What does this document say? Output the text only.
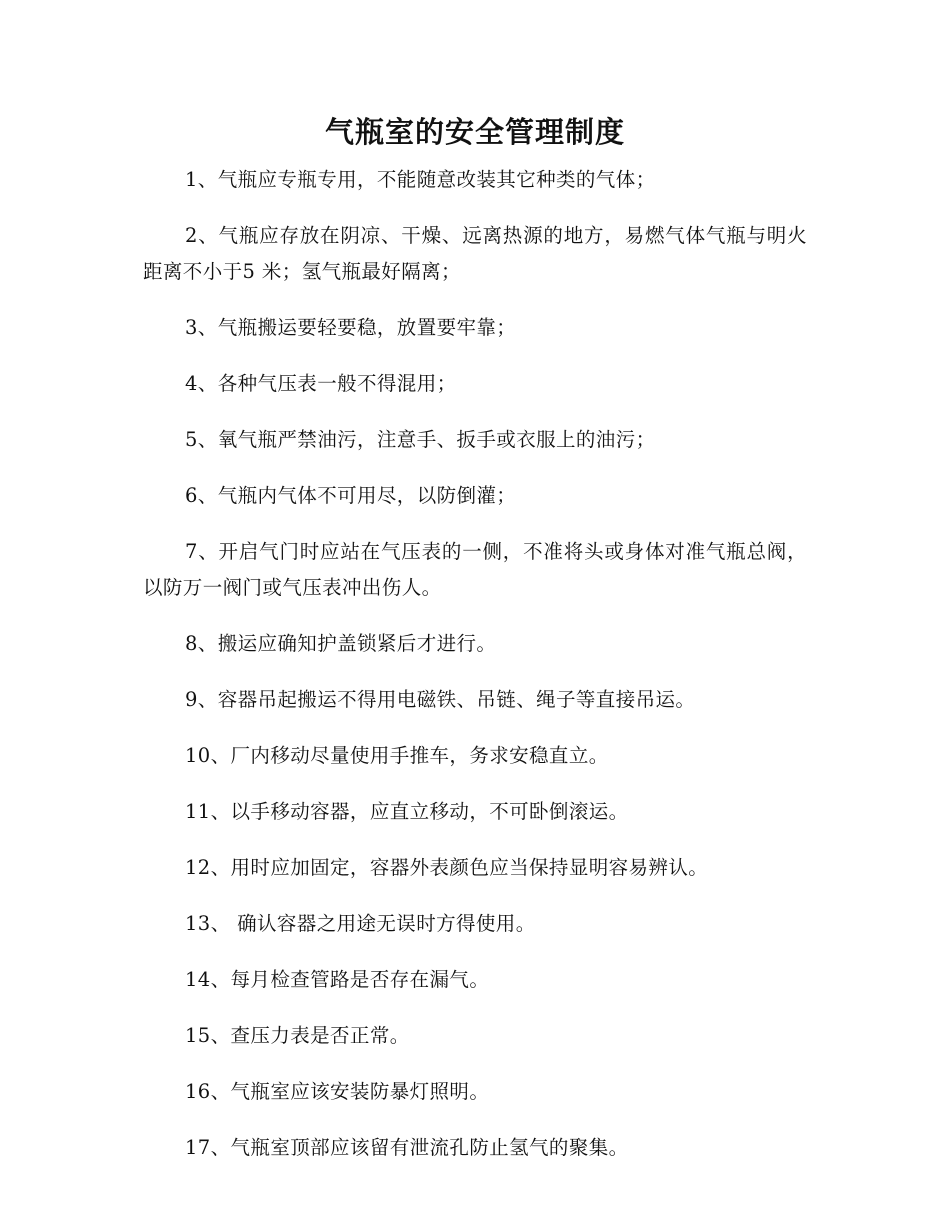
气瓶室的安全管理制度

1、气瓶应专瓶专用，不能随意改装其它种类的气体；

2、气瓶应存放在阴凉、干燥、远离热源的地方，易燃气体气瓶与明火距离不小于5 米；氢气瓶最好隔离；

3、气瓶搬运要轻要稳，放置要牢靠；

4、各种气压表一般不得混用；

5、氧气瓶严禁油污，注意手、扳手或衣服上的油污；

6、气瓶内气体不可用尽，以防倒灌；

7、开启气门时应站在气压表的一侧，不准将头或身体对准气瓶总阀，以防万一阀门或气压表冲出伤人。

8、搬运应确知护盖锁紧后才进行。

9、容器吊起搬运不得用电磁铁、吊链、绳子等直接吊运。

10、厂内移动尽量使用手推车，务求安稳直立。

11、以手移动容器，应直立移动，不可卧倒滚运。

12、用时应加固定，容器外表颜色应当保持显明容易辨认。

13、 确认容器之用途无误时方得使用。

14、每月检查管路是否存在漏气。

15、查压力表是否正常。

16、气瓶室应该安装防暴灯照明。

17、气瓶室顶部应该留有泄流孔防止氢气的聚集。
